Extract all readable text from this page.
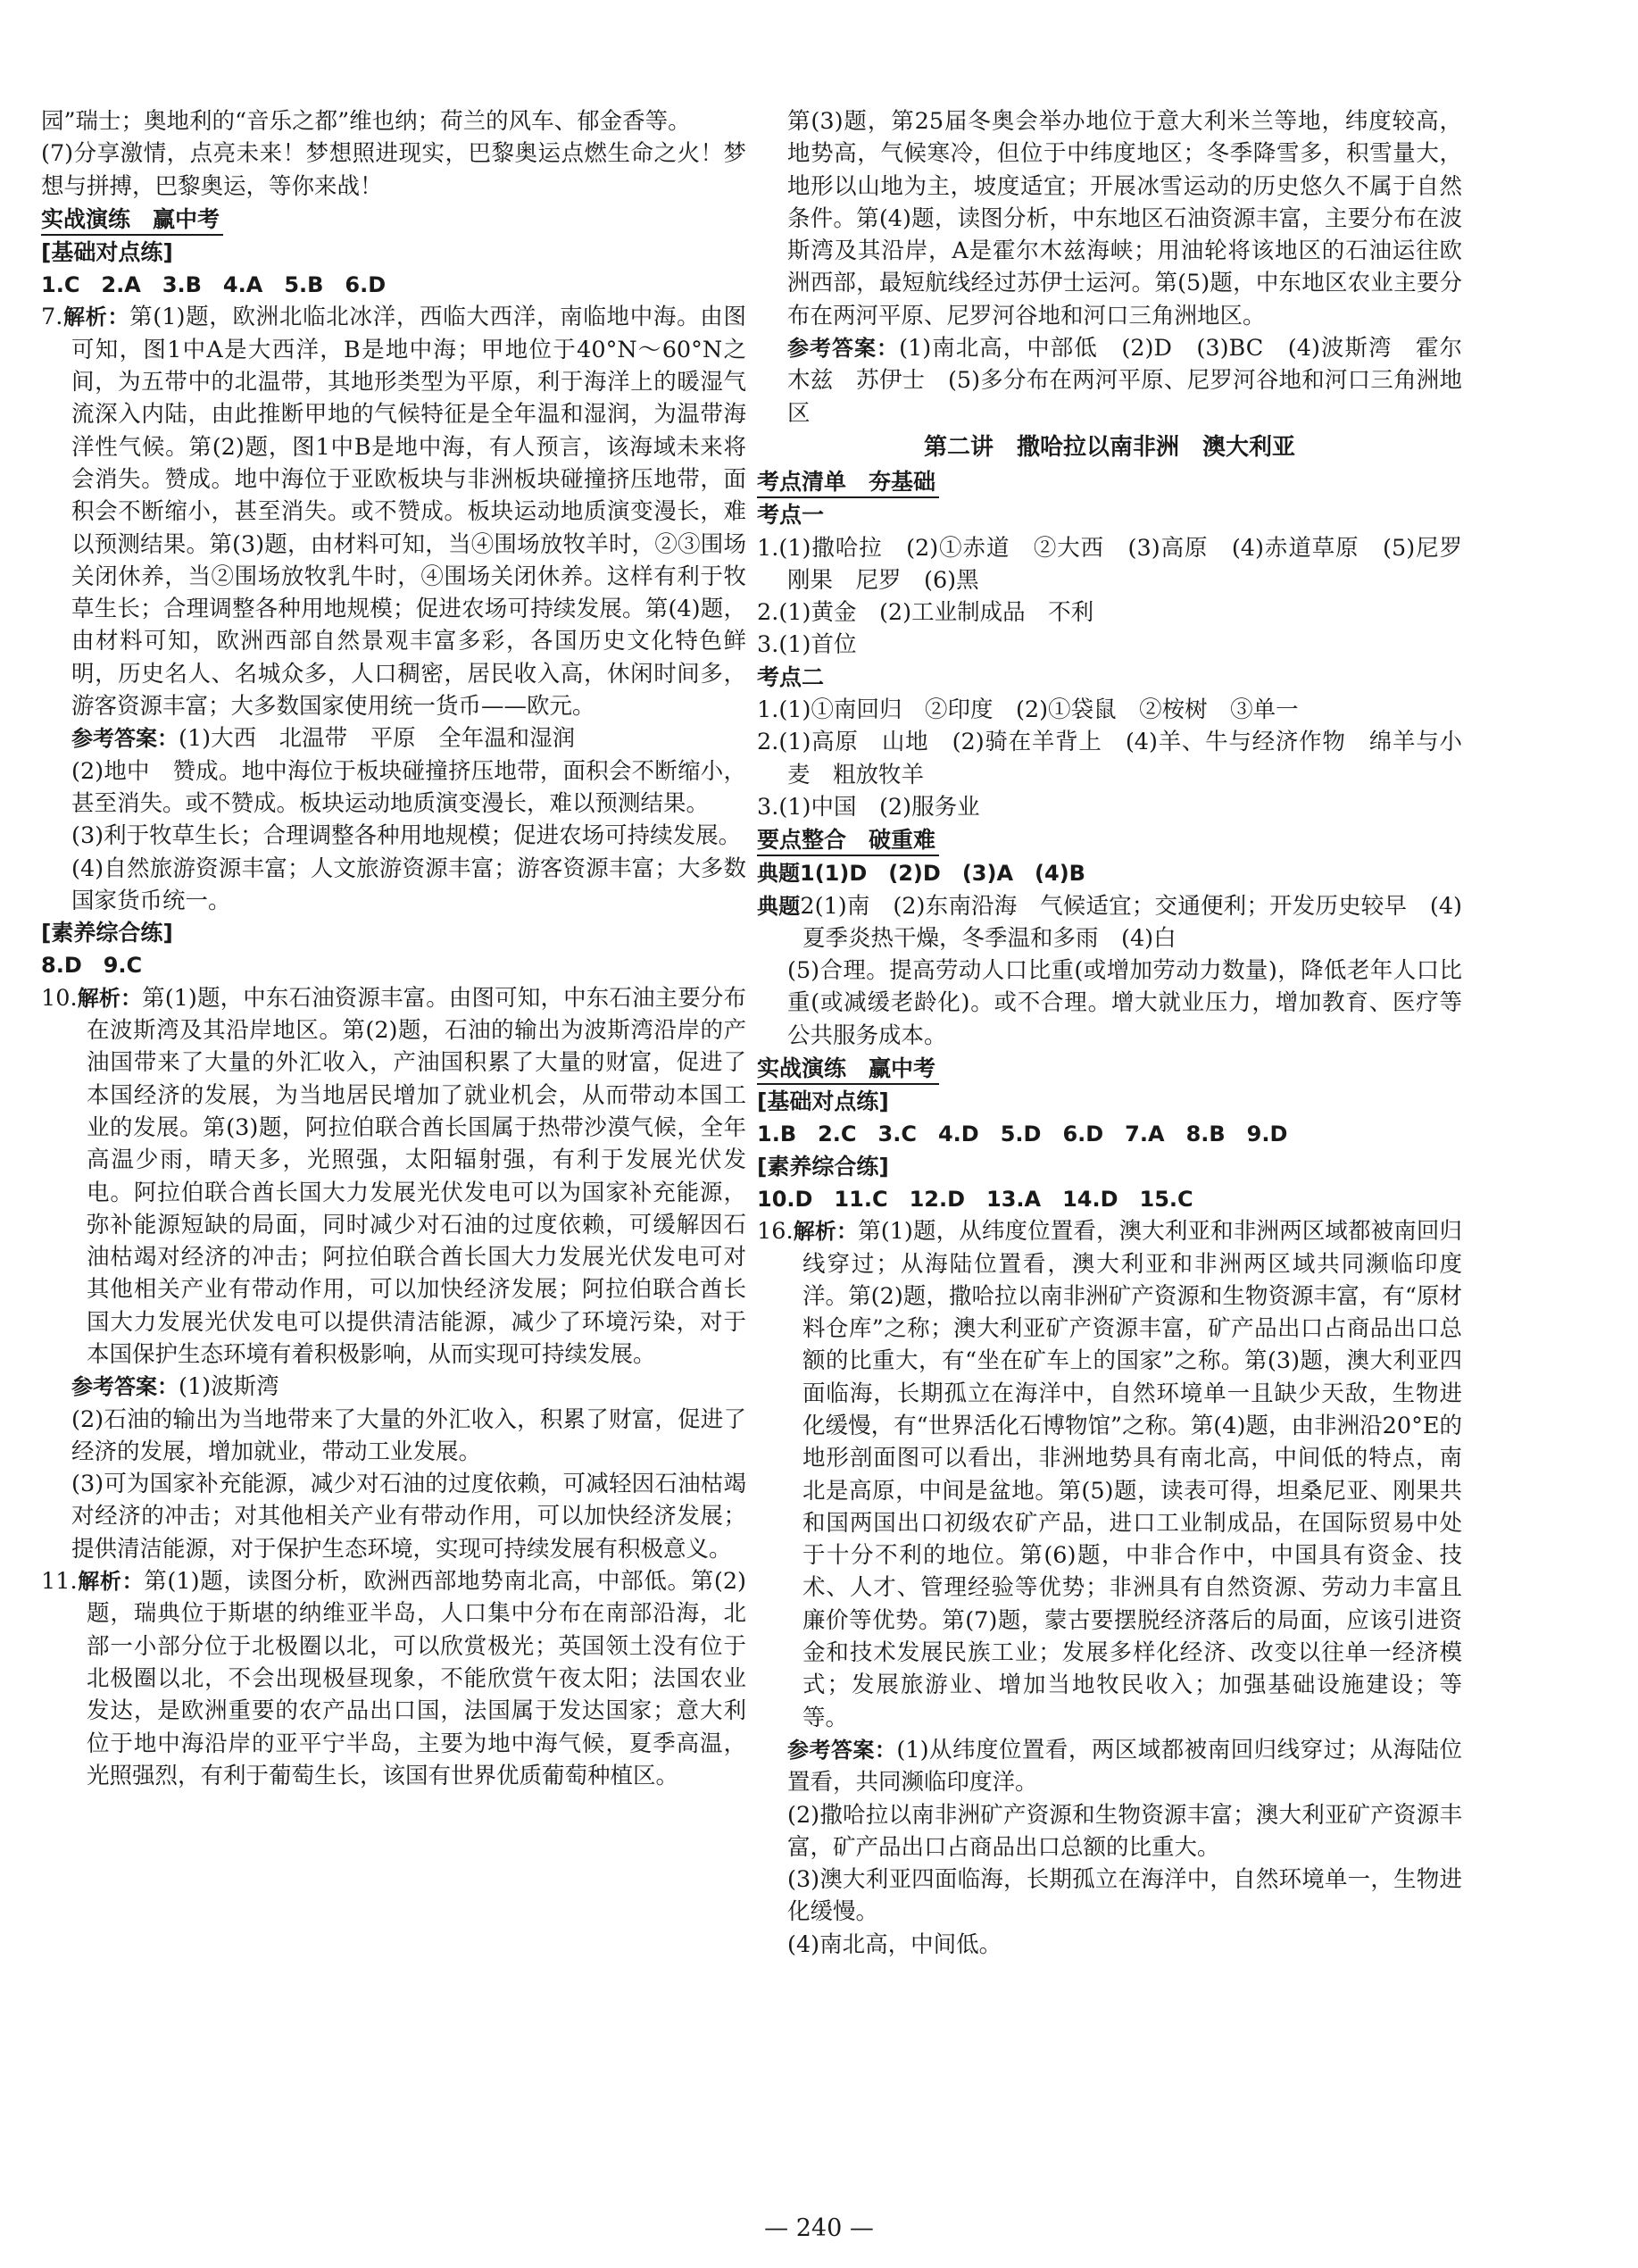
园”瑞士；奥地利的“音乐之都”维也纳；荷兰的风车、郁金香等。

(7)分享激情，点亮未来！梦想照进现实，巴黎奥运点燃生命之火！梦想与拼搏，巴黎奥运，等你来战！

实战演练　赢中考

[基础对点练]

1.C　2.A　3.B　4.A　5.B　6.D

7.解析：第(1)题，欧洲北临北冰洋，西临大西洋，南临地中海。由图可知，图1中A是大西洋，B是地中海；甲地位于40°N～60°N之间，为五带中的北温带，其地形类型为平原，利于海洋上的暖湿气流深入内陆，由此推断甲地的气候特征是全年温和湿润，为温带海洋性气候。第(2)题，图1中B是地中海，有人预言，该海域未来将会消失。赞成。地中海位于亚欧板块与非洲板块碰撞挤压地带，面积会不断缩小，甚至消失。或不赞成。板块运动地质演变漫长，难以预测结果。第(3)题，由材料可知，当④围场放牧羊时，②③围场关闭休养，当②围场放牧乳牛时，④围场关闭休养。这样有利于牧草生长；合理调整各种用地规模；促进农场可持续发展。第(4)题，由材料可知，欧洲西部自然景观丰富多彩，各国历史文化特色鲜明，历史名人、名城众多，人口稠密，居民收入高，休闲时间多，游客资源丰富；大多数国家使用统一货币——欧元。

参考答案：(1)大西　北温带　平原　全年温和湿润

(2)地中　赞成。地中海位于板块碰撞挤压地带，面积会不断缩小，甚至消失。或不赞成。板块运动地质演变漫长，难以预测结果。

(3)利于牧草生长；合理调整各种用地规模；促进农场可持续发展。

(4)自然旅游资源丰富；人文旅游资源丰富；游客资源丰富；大多数国家货币统一。

[素养综合练]

8.D　9.C

10.解析：第(1)题，中东石油资源丰富。由图可知，中东石油主要分布在波斯湾及其沿岸地区。第(2)题，石油的输出为波斯湾沿岸的产油国带来了大量的外汇收入，产油国积累了大量的财富，促进了本国经济的发展，为当地居民增加了就业机会，从而带动本国工业的发展。第(3)题，阿拉伯联合酋长国属于热带沙漠气候，全年高温少雨，晴天多，光照强，太阳辐射强，有利于发展光伏发电。阿拉伯联合酋长国大力发展光伏发电可以为国家补充能源，弥补能源短缺的局面，同时减少对石油的过度依赖，可缓解因石油枯竭对经济的冲击；阿拉伯联合酋长国大力发展光伏发电可对其他相关产业有带动作用，可以加快经济发展；阿拉伯联合酋长国大力发展光伏发电可以提供清洁能源，减少了环境污染，对于本国保护生态环境有着积极影响，从而实现可持续发展。

参考答案：(1)波斯湾

(2)石油的输出为当地带来了大量的外汇收入，积累了财富，促进了经济的发展，增加就业，带动工业发展。

(3)可为国家补充能源，减少对石油的过度依赖，可减轻因石油枯竭对经济的冲击；对其他相关产业有带动作用，可以加快经济发展；提供清洁能源，对于保护生态环境，实现可持续发展有积极意义。

11.解析：第(1)题，读图分析，欧洲西部地势南北高，中部低。第(2)题，瑞典位于斯堪的纳维亚半岛，人口集中分布在南部沿海，北部一小部分位于北极圈以北，可以欣赏极光；英国领土没有位于北极圈以北，不会出现极昼现象，不能欣赏午夜太阳；法国农业发达，是欧洲重要的农产品出口国，法国属于发达国家；意大利位于地中海沿岸的亚平宁半岛，主要为地中海气候，夏季高温，光照强烈，有利于葡萄生长，该国有世界优质葡萄种植区。

第(3)题，第25届冬奥会举办地位于意大利米兰等地，纬度较高，地势高，气候寒冷，但位于中纬度地区；冬季降雪多，积雪量大，地形以山地为主，坡度适宜；开展冰雪运动的历史悠久不属于自然条件。第(4)题，读图分析，中东地区石油资源丰富，主要分布在波斯湾及其沿岸，A是霍尔木兹海峡；用油轮将该地区的石油运往欧洲西部，最短航线经过苏伊士运河。第(5)题，中东地区农业主要分布在两河平原、尼罗河谷地和河口三角洲地区。

参考答案：(1)南北高，中部低　(2)D　(3)BC　(4)波斯湾　霍尔木兹　苏伊士　(5)多分布在两河平原、尼罗河谷地和河口三角洲地区

第二讲　撒哈拉以南非洲　澳大利亚

考点清单　夯基础

考点一

1.(1)撒哈拉　(2)①赤道　②大西　(3)高原　(4)赤道草原　(5)尼罗　刚果　尼罗　(6)黑

2.(1)黄金　(2)工业制成品　不利

3.(1)首位

考点二

1.(1)①南回归　②印度　(2)①袋鼠　②桉树　③单一

2.(1)高原　山地　(2)骑在羊背上　(4)羊、牛与经济作物　绵羊与小麦　粗放牧羊

3.(1)中国　(2)服务业

要点整合　破重难

典题1(1)D　(2)D　(3)A　(4)B

典题2(1)南　(2)东南沿海　气候适宜；交通便利；开发历史较早　(4)夏季炎热干燥，冬季温和多雨　(4)白

(5)合理。提高劳动人口比重(或增加劳动力数量)，降低老年人口比重(或减缓老龄化)。或不合理。增大就业压力，增加教育、医疗等公共服务成本。

实战演练　赢中考

[基础对点练]

1.B　2.C　3.C　4.D　5.D　6.D　7.A　8.B　9.D

[素养综合练]

10.D　11.C　12.D　13.A　14.D　15.C

16.解析：第(1)题，从纬度位置看，澳大利亚和非洲两区域都被南回归线穿过；从海陆位置看，澳大利亚和非洲两区域共同濒临印度洋。第(2)题，撒哈拉以南非洲矿产资源和生物资源丰富，有“原材料仓库”之称；澳大利亚矿产资源丰富，矿产品出口占商品出口总额的比重大，有“坐在矿车上的国家”之称。第(3)题，澳大利亚四面临海，长期孤立在海洋中，自然环境单一且缺少天敌，生物进化缓慢，有“世界活化石博物馆”之称。第(4)题，由非洲沿20°E的地形剖面图可以看出，非洲地势具有南北高，中间低的特点，南北是高原，中间是盆地。第(5)题，读表可得，坦桑尼亚、刚果共和国两国出口初级农矿产品，进口工业制成品，在国际贸易中处于十分不利的地位。第(6)题，中非合作中，中国具有资金、技术、人才、管理经验等优势；非洲具有自然资源、劳动力丰富且廉价等优势。第(7)题，蒙古要摆脱经济落后的局面，应该引进资金和技术发展民族工业；发展多样化经济、改变以往单一经济模式；发展旅游业、增加当地牧民收入；加强基础设施建设；等等。

参考答案：(1)从纬度位置看，两区域都被南回归线穿过；从海陆位置看，共同濒临印度洋。

(2)撒哈拉以南非洲矿产资源和生物资源丰富；澳大利亚矿产资源丰富，矿产品出口占商品出口总额的比重大。

(3)澳大利亚四面临海，长期孤立在海洋中，自然环境单一，生物进化缓慢。

(4)南北高，中间低。

— 240 —
